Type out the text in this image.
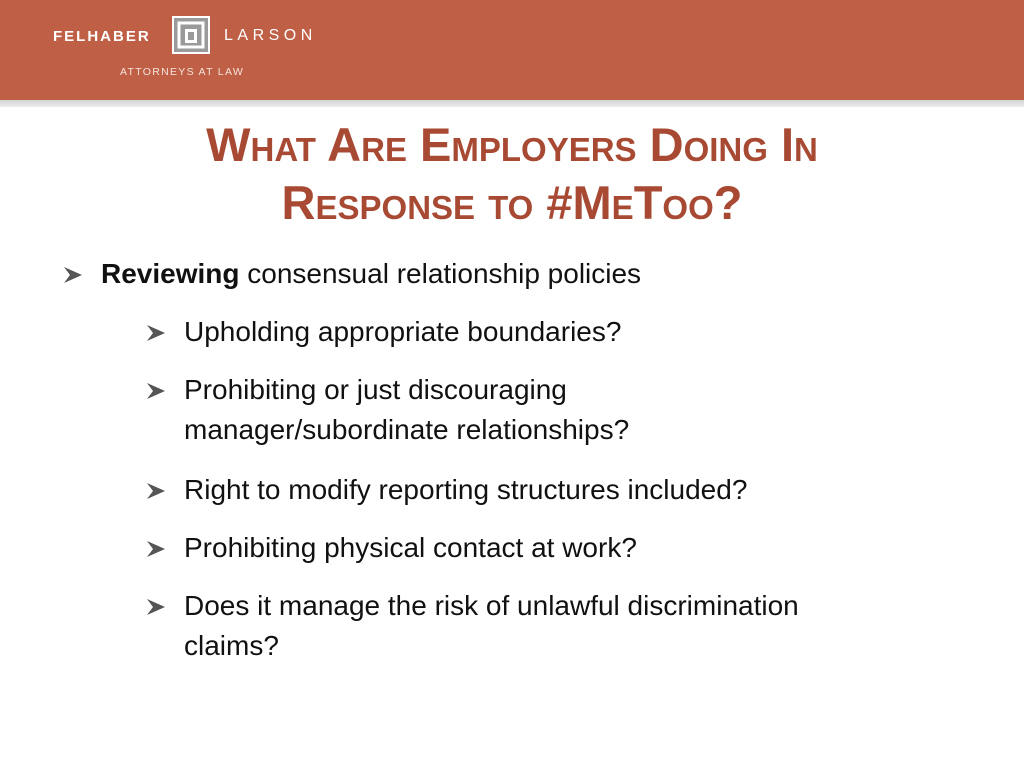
FELHABER	LARSON
ATTORNEYS AT LAW
What Are Employers Doing In
Response to #MeToo?
Reviewing consensual relationship policies
Upholding appropriate boundaries?
Prohibiting or just discouraging
manager/subordinate relationships?
Right to modify reporting structures included?
Prohibiting physical contact at work?
Does it manage the risk of unlawful discrimination
claims?
